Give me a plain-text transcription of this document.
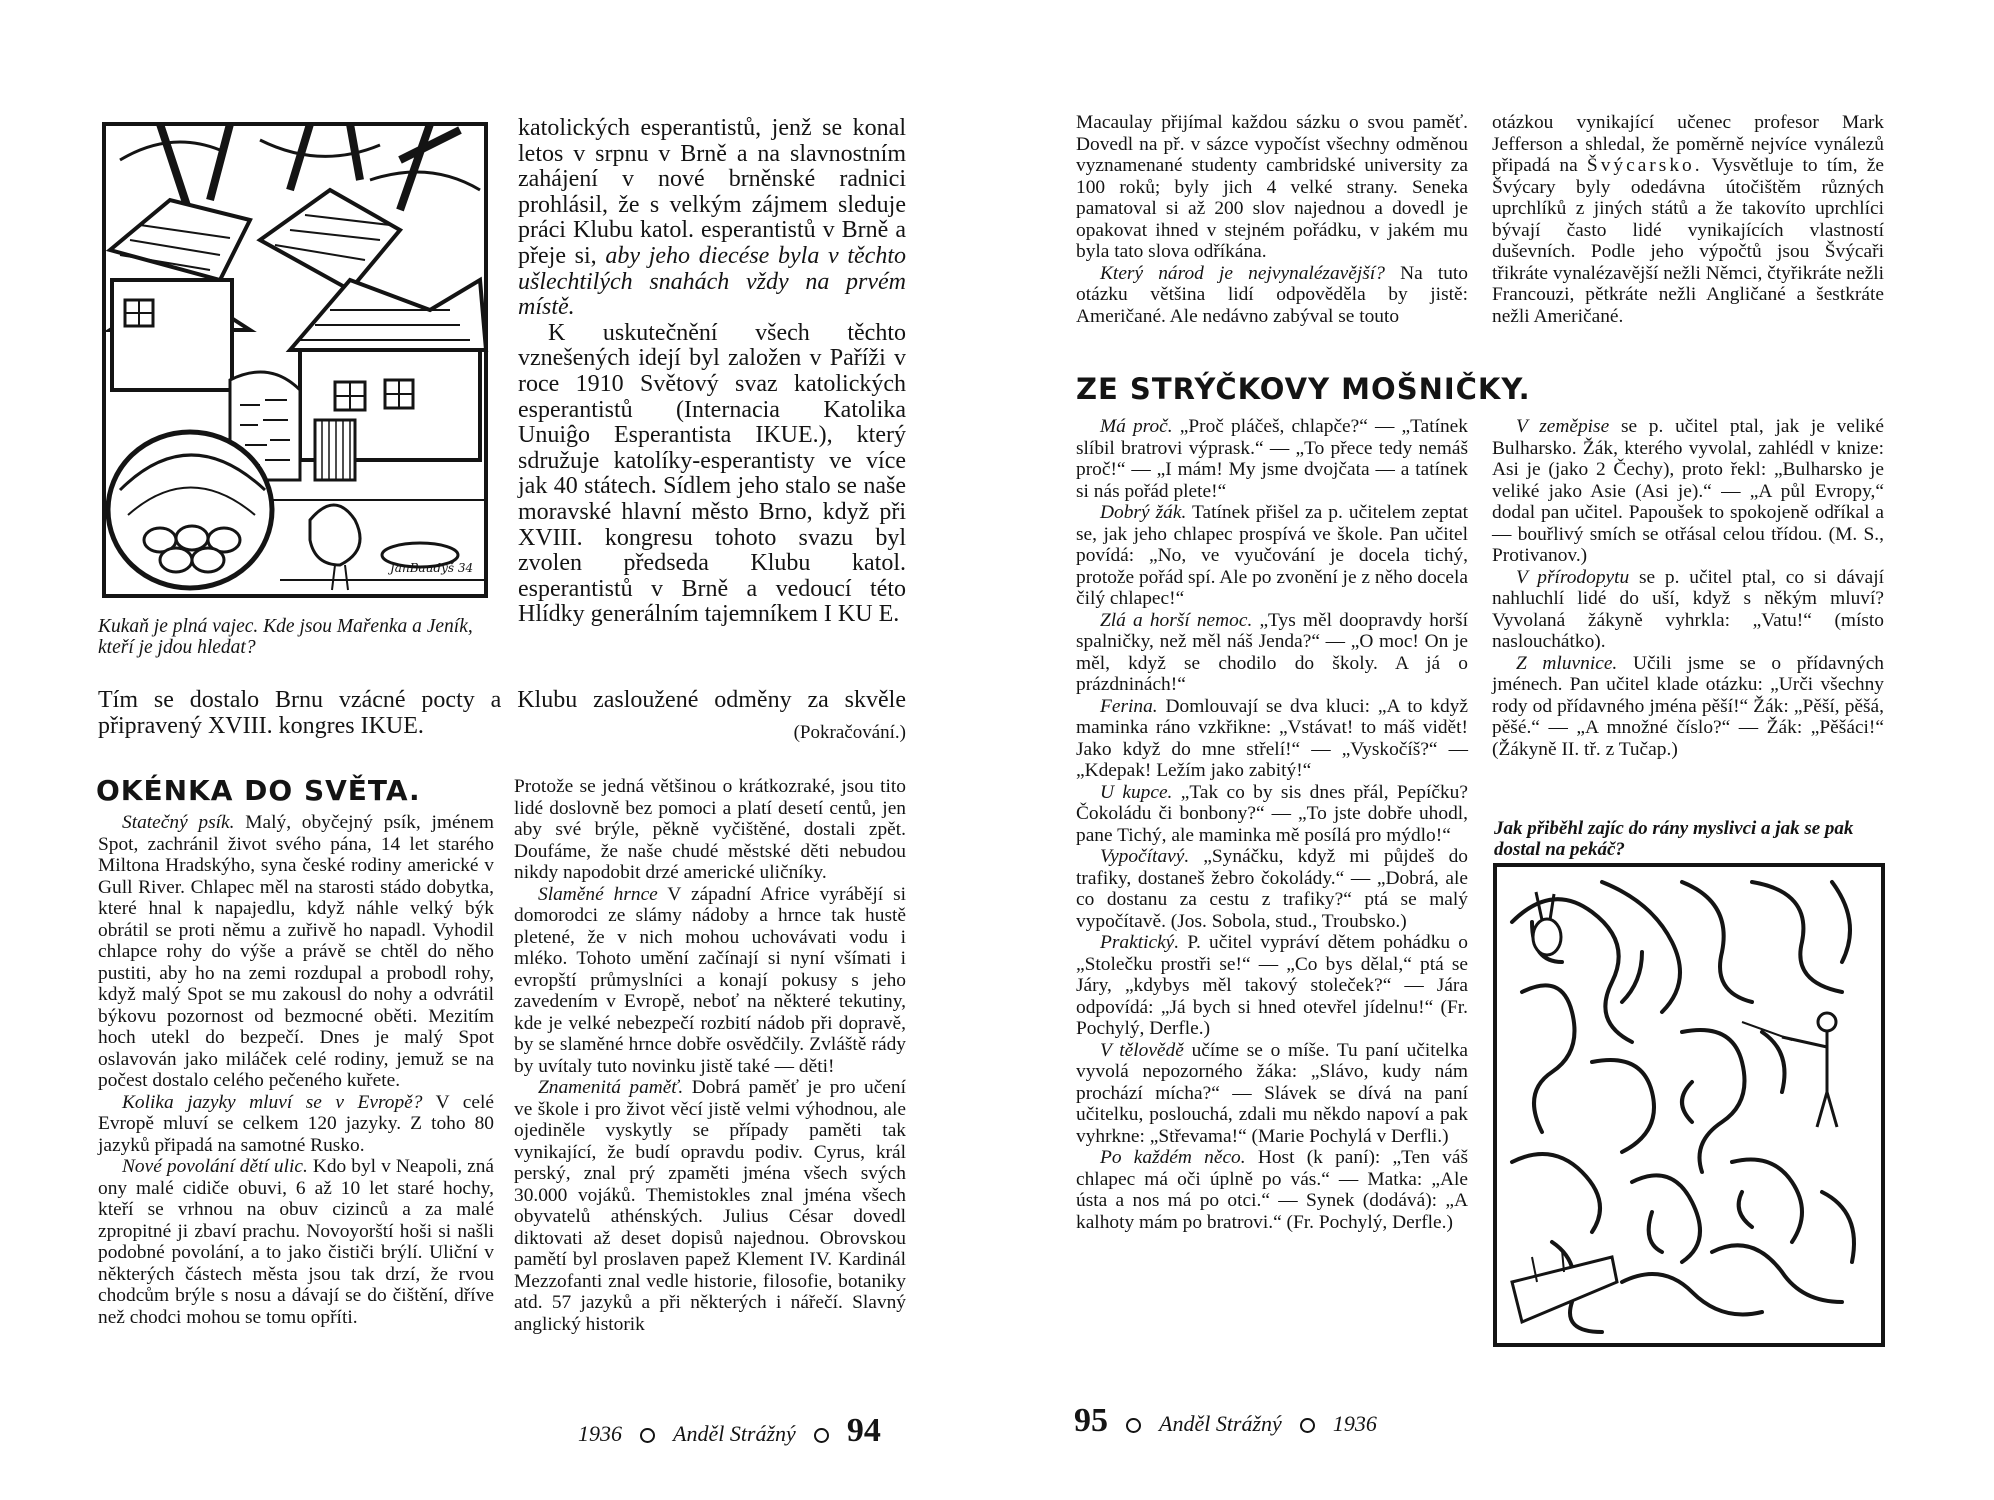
JanBaudyš 34
Kukaň je plná vajec. Kde jsou Mařenka a Jeník, kteří je jdou hledat?

katolických esperantistů, jenž se konal letos v srpnu v Brně a na slavnostním zahájení v nové brněnské radnici prohlásil, že s velkým zájmem sleduje práci Klubu katol. esperantistů v Brně a přeje si, aby jeho diecése byla v těchto ušlechtilých snahách vždy na prvém místě.

K uskutečnění všech těchto vznešených idejí byl založen v Paříži v roce 1910 Světový svaz katolických esperantistů (Internacia Katolika Unuiĝo Esperantista IKUE.), který sdružuje katolíky-esperantisty ve více jak 40 státech. Sídlem jeho stalo se naše moravské hlavní město Brno, když při XVIII. kongresu tohoto svazu byl zvolen předseda Klubu katol. esperantistů v Brně a vedoucí této Hlídky generálním tajemníkem I KU E.

Tím se dostalo Brnu vzácné pocty a Klubu zasloužené odměny za skvěle připravený XVIII. kongres IKUE.	(Pokračování.)

OKÉNKA DO SVĚTA.

Statečný psík. Malý, obyčejný psík, jménem Spot, zachránil život svého pána, 14 let starého Miltona Hradskýho, syna české rodiny americké v Gull River. Chlapec měl na starosti stádo dobytka, které hnal k napajedlu, když náhle velký býk obrátil se proti němu a zuřivě ho napadl. Vyhodil chlapce rohy do výše a právě se chtěl do něho pustiti, aby ho na zemi rozdupal a probodl rohy, když malý Spot se mu zakousl do nohy a odvrátil býkovu pozornost od bezmocné oběti. Mezitím hoch utekl do bezpečí. Dnes je malý Spot oslavován jako miláček celé rodiny, jemuž se na počest dostalo celého pečeného kuřete.

Kolika jazyky mluví se v Evropě? V celé Evropě mluví se celkem 120 jazyky. Z toho 80 jazyků připadá na samotné Rusko.

Nové povolání dětí ulic. Kdo byl v Neapoli, zná ony malé cidiče obuvi, 6 až 10 let staré hochy, kteří se vrhnou na obuv cizinců a za malé zpropitné ji zbaví prachu. Novoyorští hoši si našli podobné povolání, a to jako čističi brýlí. Uliční v některých částech města jsou tak drzí, že rvou chodcům brýle s nosu a dávají se do čištění, dříve než chodci mohou se tomu opříti.

Protože se jedná většinou o krátkozraké, jsou tito lidé doslovně bez pomoci a platí desetí centů, jen aby své brýle, pěkně vyčištěné, dostali zpět. Doufáme, že naše chudé městské děti nebudou nikdy napodobit drzé americké uličníky.

Slaměné hrnce V západní Africe vyrábějí si domorodci ze slámy nádoby a hrnce tak hustě pletené, že v nich mohou uchovávati vodu i mléko. Tohoto umění začínají si nyní všímati i evropští průmyslníci a konají pokusy s jeho zavedením v Evropě, neboť na některé tekutiny, kde je velké nebezpečí rozbití nádob při dopravě, by se slaměné hrnce dobře osvědčily. Zvláště rády by uvítaly tuto novinku jistě také — děti!

Znamenitá paměť. Dobrá paměť je pro učení ve škole i pro život věcí jistě velmi výhodnou, ale ojediněle vyskytly se případy paměti tak vynikající, že budí opravdu podiv. Cyrus, král perský, znal prý zpaměti jména všech svých 30.000 vojáků. Themistokles znal jména všech obyvatelů athénských. Julius César dovedl diktovati až deset dopisů najednou. Obrovskou pamětí byl proslaven papež Klement IV. Kardinál Mezzofanti znal vedle historie, filosofie, botaniky atd. 57 jazyků a při některých i nářečí. Slavný anglický historik

1936 Anděl Strážný 94

Macaulay přijímal každou sázku o svou paměť. Dovedl na př. v sázce vypočíst všechny odměnou vyznamenané studenty cambridské university za 100 roků; byly jich 4 velké strany. Seneka pamatoval si až 200 slov najednou a dovedl je opakovat ihned v stejném pořádku, v jakém mu byla tato slova odříkána.

Který národ je nejvynalézavější? Na tuto otázku většina lidí odpověděla by jistě: Američané. Ale nedávno zabýval se touto

otázkou vynikající učenec profesor Mark Jefferson a shledal, že poměrně nejvíce vynálezů připadá na Švýcarsko. Vysvětluje to tím, že Švýcary byly odedávna útočištěm různých uprchlíků z jiných států a že takovíto uprchlíci bývají často lidé vynikajících vlastností duševních. Podle jeho výpočtů jsou Švýcaři třikráte vynalézavější nežli Němci, čtyřikráte nežli Francouzi, pětkráte nežli Angličané a šestkráte nežli Američané.

ZE STRÝČKOVY MOŠNIČKY.

Má proč. „Proč pláčeš, chlapče?“ — „Tatínek slíbil bratrovi výprask.“ — „To přece tedy nemáš proč!“ — „I mám! My jsme dvojčata — a tatínek si nás pořád plete!“

Dobrý žák. Tatínek přišel za p. učitelem zeptat se, jak jeho chlapec prospívá ve škole. Pan učitel povídá: „No, ve vyučování je docela tichý, protože pořád spí. Ale po zvonění je z něho docela čilý chlapec!“

Zlá a horší nemoc. „Tys měl doopravdy horší spalničky, než měl náš Jenda?“ — „O moc! On je měl, když se chodilo do školy. A já o prázdninách!“

Ferina. Domlouvají se dva kluci: „A to když maminka ráno vzkřikne: „Vstávat! to máš vidět! Jako když do mne střelí!“ — „Vyskočíš?“ — „Kdepak! Ležím jako zabitý!“

U kupce. „Tak co by sis dnes přál, Pepíčku? Čokoládu či bonbony?“ — „To jste dobře uhodl, pane Tichý, ale maminka mě posílá pro mýdlo!“

Vypočítavý. „Synáčku, když mi půjdeš do trafiky, dostaneš žebro čokolády.“ — „Dobrá, ale co dostanu za cestu z trafiky?“ ptá se malý vypočítavě. (Jos. Sobola, stud., Troubsko.)

Praktický. P. učitel vypráví dětem pohádku o „Stolečku prostři se!“ — „Co bys dělal,“ ptá se Járy, „kdybys měl takový stoleček?“ — Jára odpovídá: „Já bych si hned otevřel jídelnu!“ (Fr. Pochylý, Derfle.)

V tělovědě učíme se o míše. Tu paní učitelka vyvolá nepozorného žáka: „Slávo, kudy nám prochází mícha?“ — Slávek se dívá na paní učitelku, poslouchá, zdali mu někdo napoví a pak vyhrkne: „Střevama!“ (Marie Pochylá v Derfli.)

Po každém něco. Host (k paní): „Ten váš chlapec má oči úplně po vás.“ — Matka: „Ale ústa a nos má po otci.“ — Synek (dodává): „A kalhoty mám po bratrovi.“ (Fr. Pochylý, Derfle.)

V zeměpise se p. učitel ptal, jak je veliké Bulharsko. Žák, kterého vyvolal, zahlédl v knize: Asi je (jako 2 Čechy), proto řekl: „Bulharsko je veliké jako Asie (Asi je).“ — „A půl Evropy,“ dodal pan učitel. Papoušek to spokojeně odříkal a — bouřlivý smích se otřásal celou třídou. (M. S., Protivanov.)

V přírodopytu se p. učitel ptal, co si dávají nahluchlí lidé do uší, když s někým mluví? Vyvolaná žákyně vyhrkla: „Vatu!“ (místo naslouchátko).

Z mluvnice. Učili jsme se o přídavných jménech. Pan učitel klade otázku: „Urči všechny rody od přídavného jména pěší!“ Žák: „Pěší, pěšá, pěšé.“ — „A množné číslo?“ — Žák: „Pěšáci!“ (Žákyně II. tř. z Tučap.)

Jak přiběhl zajíc do rány myslivci a jak se pak dostal na pekáč?
95 Anděl Strážný 1936
